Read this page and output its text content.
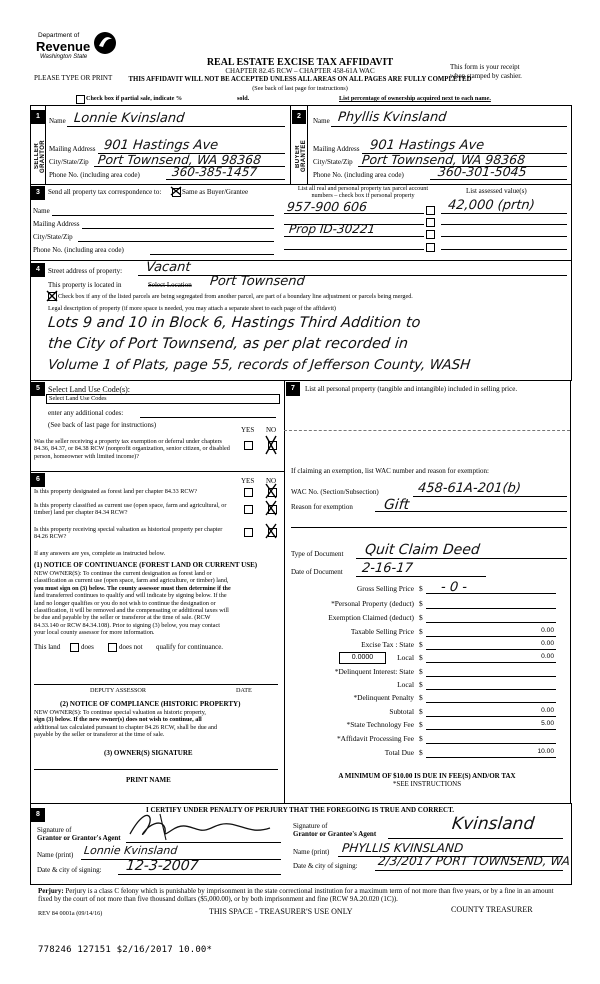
Department of
Revenue
Washington State	REAL ESTATE EXCISE TAX AFFIDAVIT
PLEASE TYPE OR PRINT
CHAPTER 82.45 RCW – CHAPTER 458-61A WAC	This form is your receipt
when stamped by cashier.
THIS AFFIDAVIT WILL NOT BE ACCEPTED UNLESS ALL AREAS ON ALL PAGES ARE FULLY COMPLETED
(See back of last page for instructions)
Check box if partial sale, indicate %	sold.	List percentage of ownership acquired next to each name.
1
SELLER GRANTOR
Name Lonnie Kvinsland
Mailing Address 901 Hastings Ave
City/State/Zip Port Townsend, WA 98368
Phone No. (including area code)	360-385-1457
2
BUYER GRANTEE
Name Phyllis Kvinsland
Mailing Address 901 Hastings Ave
City/State/Zip Port Townsend, WA 98368
Phone No. (including area code)	360-301-5045
3	Send all property tax correspondence to:	Same as Buyer/Grantee
Name
Mailing Address
City/State/Zip
Phone No. (including area code)
List all real and personal property tax parcel account
numbers – check box if personal property
List assessed value(s)
957-900 606	42,000 (prtn)
Prop ID-30221
4	Street address of property: Vacant
This property is located in	Select Location Port Townsend
Check box if any of the listed parcels are being segregated from another parcel, are part of a boundary line adjustment or parcels being merged.
Legal description of property (if more space is needed, you may attach a separate sheet to each page of the affidavit)
Lots 9 and 10 in Block 6, Hastings Third Addition to
the City of Port Townsend, as per plat recorded in
Volume 1 of Plats, page 55, records of Jefferson County, WASH
5	Select Land Use Code(s):
Select Land Use Codes
enter any additional codes:
(See back of last page for instructions)
YES NO
Was the seller receiving a property tax exemption or deferral under chapters 84.36, 84.37, or 84.38 RCW (nonprofit organization, senior citizen, or disabled person, homeowner with limited income)?
6	YES NO
Is this property designated as forest land per chapter 84.33 RCW?
Is this property classified as current use (open space, farm and agricultural, or timber) land per chapter 84.34 RCW?
Is this property receiving special valuation as historical property per chapter 84.26 RCW?
If any answers are yes, complete as instructed below.
(1) NOTICE OF CONTINUANCE (FOREST LAND OR CURRENT USE)
NEW OWNER(S): To continue the current designation as forest land or
classification as current use (open space, farm and agriculture, or timber) land,
you must sign on (3) below. The county assessor must then determine if the
land transferred continues to qualify and will indicate by signing below. If the
land no longer qualifies or you do not wish to continue the designation or
classification, it will be removed and the compensating or additional taxes will
be due and payable by the seller or transferor at the time of sale. (RCW
84.33.140 or RCW 84.34.108). Prior to signing (3) below, you may contact
your local county assessor for more information.
This land	does	does not qualify for continuance.
DEPUTY ASSESSOR	DATE
(2) NOTICE OF COMPLIANCE (HISTORIC PROPERTY)
NEW OWNER(S): To continue special valuation as historic property,
sign (3) below. If the new owner(s) does not wish to continue, all
additional tax calculated pursuant to chapter 84.26 RCW, shall be due and
payable by the seller or transferor at the time of sale.
(3) OWNER(S) SIGNATURE
PRINT NAME
7	List all personal property (tangible and intangible) included in selling price.
If claiming an exemption, list WAC number and reason for exemption:
WAC No. (Section/Subsection)	458-61A-201(b)
Reason for exemption Gift
Type of Document Quit Claim Deed
Date of Document 2-16-17
Gross Selling Price $ - 0 -
*Personal Property (deduct) $
Exemption Claimed (deduct) $
Taxable Selling Price $	0.00
Excise Tax : State $	0.00
0.0000	Local $	0.00
*Delinquent Interest: State $
Local $
*Delinquent Penalty $
Subtotal $	0.00
*State Technology Fee $	5.00
*Affidavit Processing Fee $
Total Due $	10.00
A MINIMUM OF $10.00 IS DUE IN FEE(S) AND/OR TAX
*SEE INSTRUCTIONS
8
I CERTIFY UNDER PENALTY OF PERJURY THAT THE FOREGOING IS TRUE AND CORRECT.
Signature of
Grantor or Grantor's Agent
Name (print) Lonnie Kvinsland
Date & city of signing: 12-3-2007
Signature of
Grantor or Grantee's Agent	Kvinsland
Name (print) PHYLLIS KVINSLAND
Date & city of signing: 2/3/2017 PORT TOWNSEND, WA
Perjury: Perjury is a class C felony which is punishable by imprisonment in the state correctional institution for a maximum term of not more than five years, or by a fine in an amount fixed by the court of not more than five thousand dollars ($5,000.00), or by both imprisonment and fine (RCW 9A.20.020 (1C)).
REV 84 0001a (09/14/16)	THIS SPACE - TREASURER'S USE ONLY	COUNTY TREASURER
778246 127151 $2/16/2017 10.00*
